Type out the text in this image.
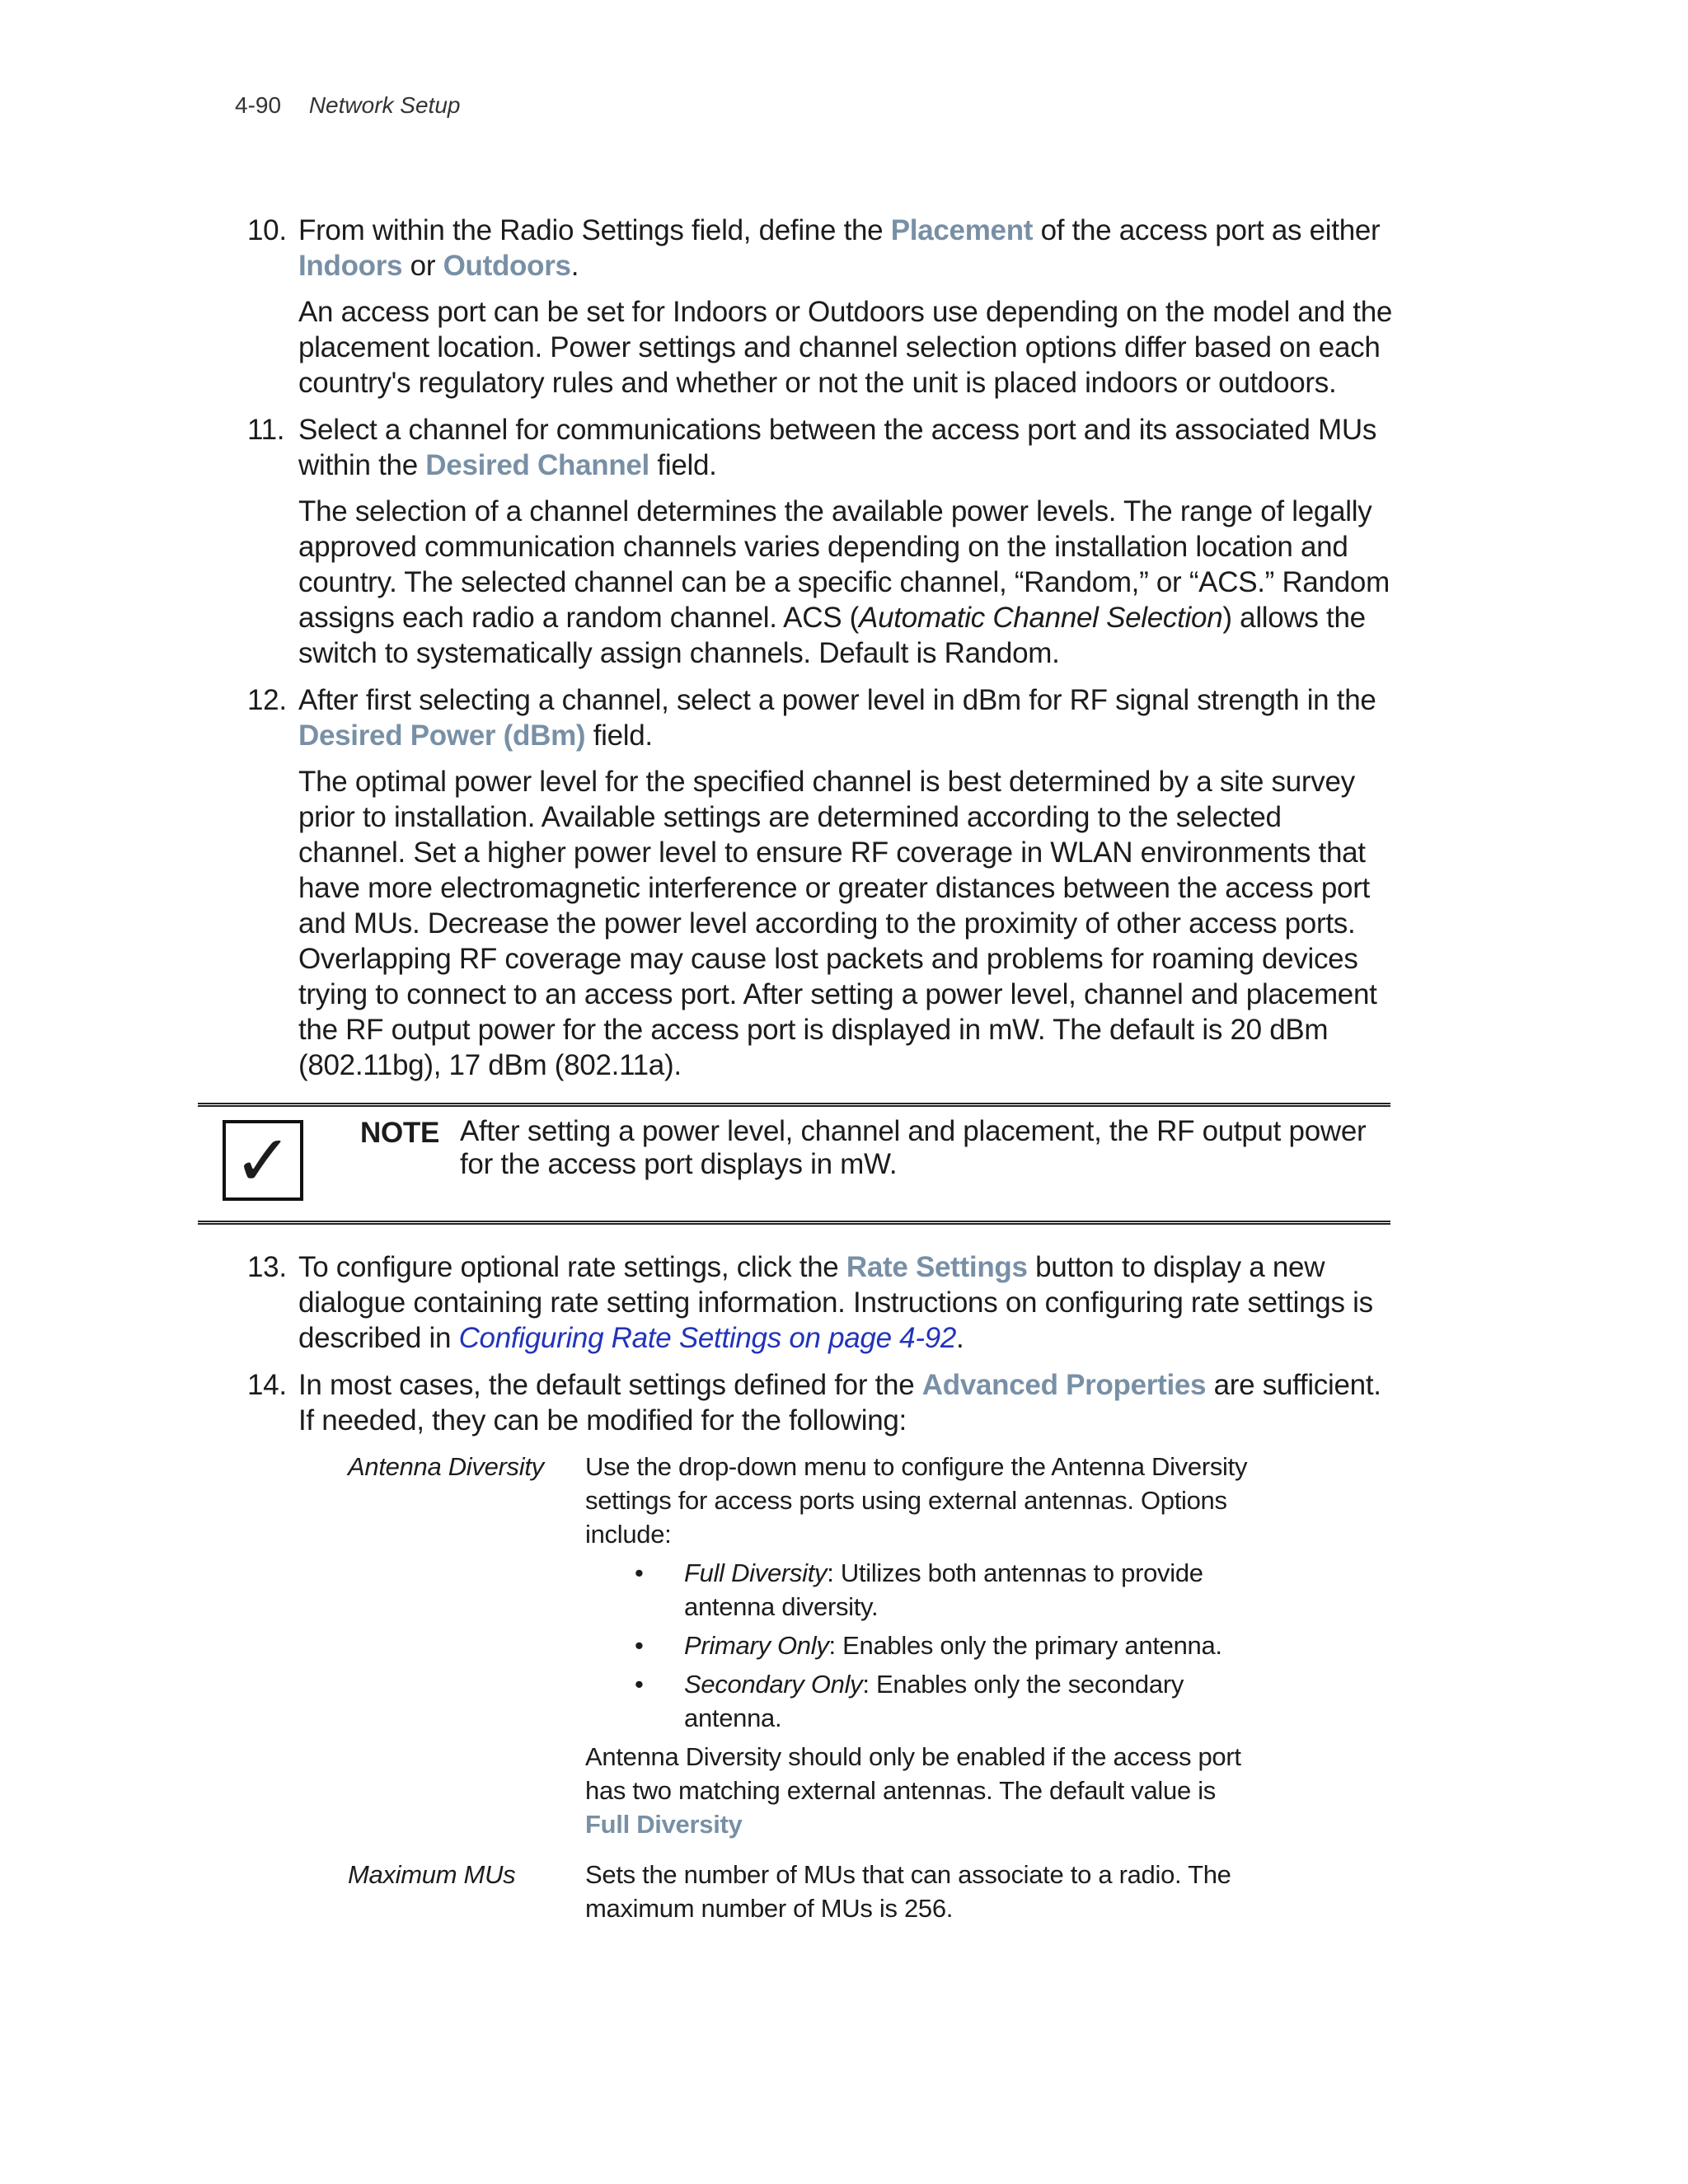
4-90 Network Setup
10. From within the Radio Settings field, define the Placement of the access port as either Indoors or Outdoors.

An access port can be set for Indoors or Outdoors use depending on the model and the placement location. Power settings and channel selection options differ based on each country's regulatory rules and whether or not the unit is placed indoors or outdoors.

11. Select a channel for communications between the access port and its associated MUs within the Desired Channel field.

The selection of a channel determines the available power levels. The range of legally approved communication channels varies depending on the installation location and country. The selected channel can be a specific channel, “Random,” or “ACS.” Random assigns each radio a random channel. ACS (Automatic Channel Selection) allows the switch to systematically assign channels. Default is Random.

12. After first selecting a channel, select a power level in dBm for RF signal strength in the Desired Power (dBm) field.

The optimal power level for the specified channel is best determined by a site survey prior to installation. Available settings are determined according to the selected channel. Set a higher power level to ensure RF coverage in WLAN environments that have more electromagnetic interference or greater distances between the access port and MUs. Decrease the power level according to the proximity of other access ports. Overlapping RF coverage may cause lost packets and problems for roaming devices trying to connect to an access port. After setting a power level, channel and placement the RF output power for the access port is displayed in mW. The default is 20 dBm (802.11bg), 17 dBm (802.11a).

✓	NOTE After setting a power level, channel and placement, the RF output power for the access port displays in mW.
13. To configure optional rate settings, click the Rate Settings button to display a new dialogue containing rate setting information. Instructions on configuring rate settings is described in Configuring Rate Settings on page 4-92.

14. In most cases, the default settings defined for the Advanced Properties are sufficient. If needed, they can be modified for the following:

Antenna Diversity	Use the drop-down menu to configure the Antenna Diversity settings for access ports using external antennas. Options include:

• Full Diversity: Utilizes both antennas to provide antenna diversity.
• Primary Only: Enables only the primary antenna.
• Secondary Only: Enables only the secondary antenna.

Antenna Diversity should only be enabled if the access port has two matching external antennas. The default value is Full Diversity

Maximum MUs	Sets the number of MUs that can associate to a radio. The maximum number of MUs is 256.
